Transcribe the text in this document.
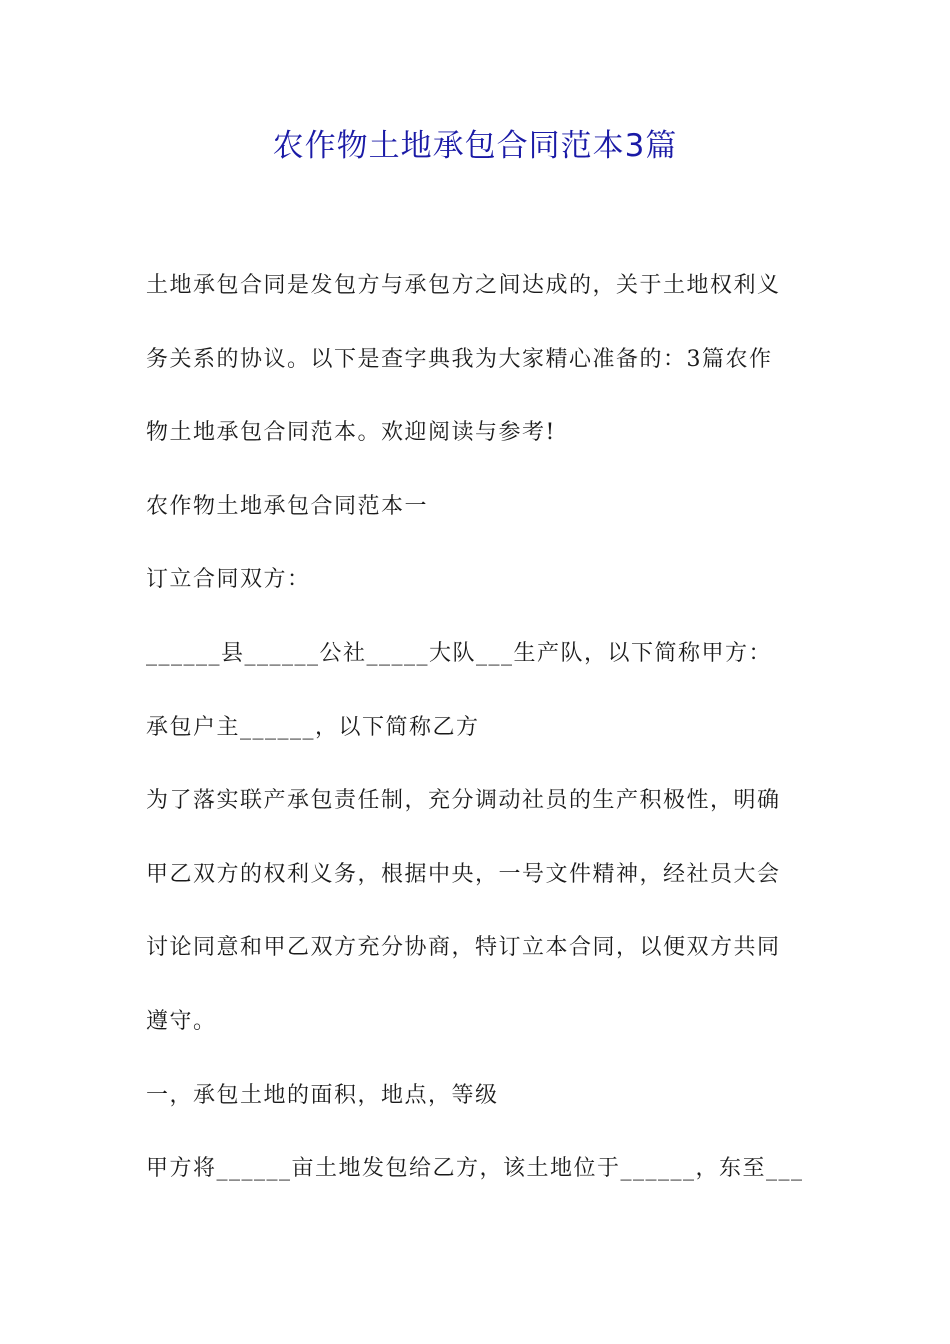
农作物土地承包合同范本3篇
土地承包合同是发包方与承包方之间达成的，关于土地权利义
务关系的协议。以下是查字典我为大家精心准备的：3篇农作
物土地承包合同范本。欢迎阅读与参考!
农作物土地承包合同范本一
订立合同双方：
______县______公社_____大队___生产队，以下简称甲方：
承包户主______，以下简称乙方
为了落实联产承包责任制，充分调动社员的生产积极性，明确
甲乙双方的权利义务，根据中央，一号文件精神，经社员大会
讨论同意和甲乙双方充分协商，特订立本合同，以便双方共同
遵守。
一，承包土地的面积，地点，等级
甲方将______亩土地发包给乙方，该土地位于______，东至___
